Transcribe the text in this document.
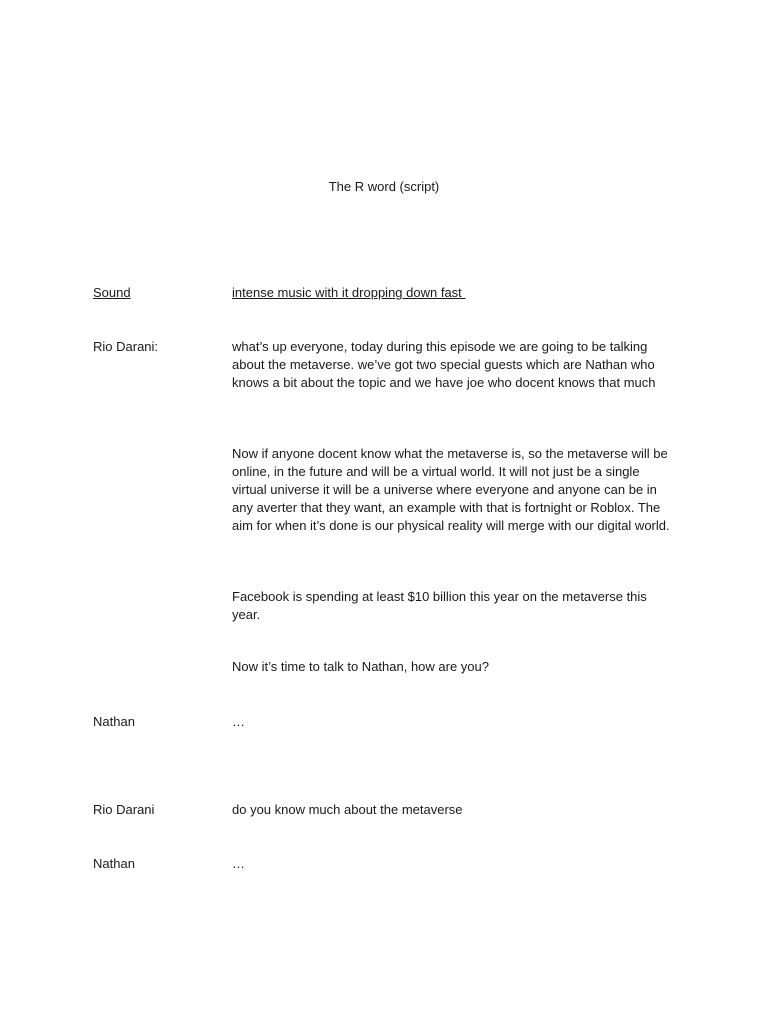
The R word (script)
Sound	intense music with it dropping down fast
Rio Darani:	what’s up everyone, today during this episode we are going to be talking about the metaverse. we’ve got two special guests which are Nathan who knows a bit about the topic and we have joe who docent knows that much
Now if anyone docent know what the metaverse is, so the metaverse will be online, in the future and will be a virtual world. It will not just be a single virtual universe it will be a universe where everyone and anyone can be in any averter that they want, an example with that is fortnight or Roblox. The aim for when it’s done is our physical reality will merge with our digital world.
Facebook is spending at least $10 billion this year on the metaverse this year.
Now it’s time to talk to Nathan, how are you?
Nathan	…
Rio Darani	do you know much about the metaverse
Nathan	…
